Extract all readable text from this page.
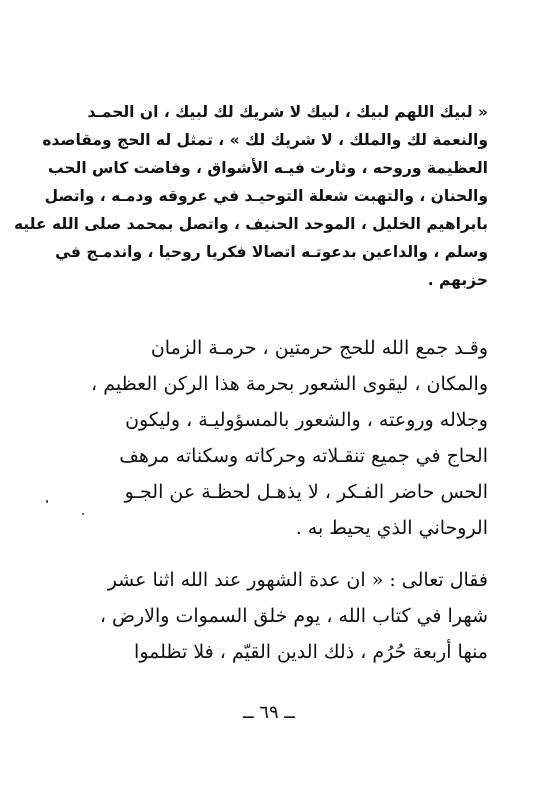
« لبيك اللهم لبيك ، لبيك لا شريك لك لبيك ، ان الحمـد
والنعمة لك والملك ، لا شريك لك » ، تمثل له الحج ومقاصده
العظيمة وروحه ، وثارت فيـه الأشواق ، وفاضت كاس الحب
والحنان ، والتهبت شعلة التوحيـد في عروقه ودمـه ، واتصل
بابراهيم الخليل ، الموحد الحنيف ، واتصل بمحمد صلى الله عليه
وسلم ، والداعين بدعوتـه اتصالا فكريا روحيا ، واندمـج في
حزبهم .
وقـد جمع الله للحج حرمتين ، حرمـة الزمان
والمكان ، ليقوى الشعور بحرمة هذا الركن العظيم ،
وجلاله وروعته ، والشعور بالمسؤوليـة ، وليكون
الحاج في جميع تنقـلاته وحركاته وسكناته مرهف
الحس حاضر الفـكر ، لا يذهـل لحظـة عن الجـو
الروحاني الذي يحيط به .
فقال تعالى : « ان عدة الشهور عند الله اثنا عشر
شهرا في كتاب الله ، يوم خلق السموات والارض ،
منها أربعة حُرُم ، ذلك الدين القيّم ، فلا تظلموا
ــ ٦٩ ــ
